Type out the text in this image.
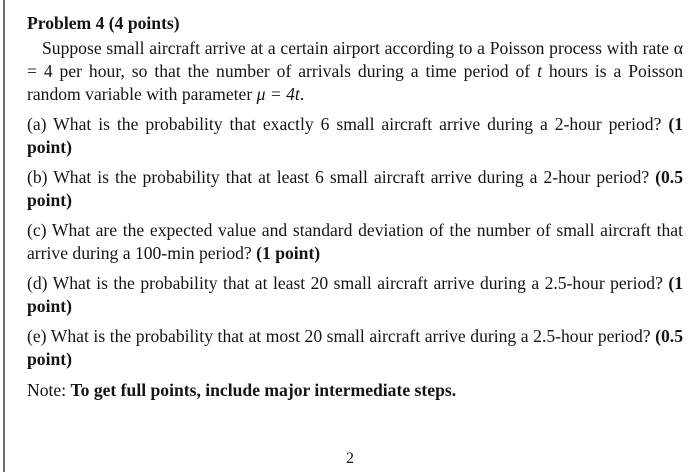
Problem 4 (4 points)

Suppose small aircraft arrive at a certain airport according to a Poisson process with rate α = 4 per hour, so that the number of arrivals during a time period of t hours is a Poisson random variable with parameter μ = 4t.

(a) What is the probability that exactly 6 small aircraft arrive during a 2-hour period? (1 point)

(b) What is the probability that at least 6 small aircraft arrive during a 2-hour period? (0.5 point)

(c) What are the expected value and standard deviation of the number of small aircraft that arrive during a 100-min period? (1 point)

(d) What is the probability that at least 20 small aircraft arrive during a 2.5-hour period? (1 point)

(e) What is the probability that at most 20 small aircraft arrive during a 2.5-hour period? (0.5 point)

Note: To get full points, include major intermediate steps.

2
